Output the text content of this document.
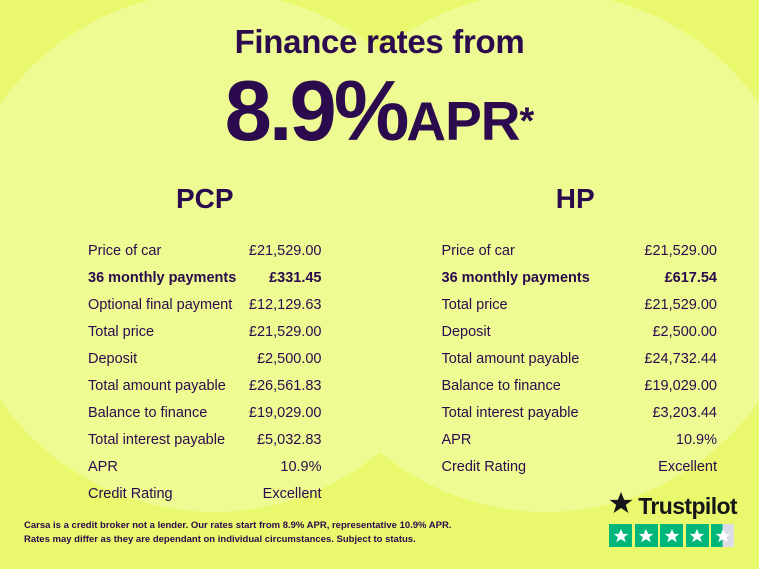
Finance rates from
8.9%APR*
PCP
Price of car	£21,529.00
36 monthly payments	£331.45
Optional final payment	£12,129.63
Total price	£21,529.00
Deposit	£2,500.00
Total amount payable	£26,561.83
Balance to finance	£19,029.00
Total interest payable	£5,032.83
APR	10.9%
Credit Rating	Excellent
HP
Price of car	£21,529.00
36 monthly payments	£617.54
Total price	£21,529.00
Deposit	£2,500.00
Total amount payable	£24,732.44
Balance to finance	£19,029.00
Total interest payable	£3,203.44
APR	10.9%
Credit Rating	Excellent
Carsa is a credit broker not a lender. Our rates start from 8.9% APR, representative 10.9% APR.
Rates may differ as they are dependant on individual circumstances. Subject to status.
Trustpilot
